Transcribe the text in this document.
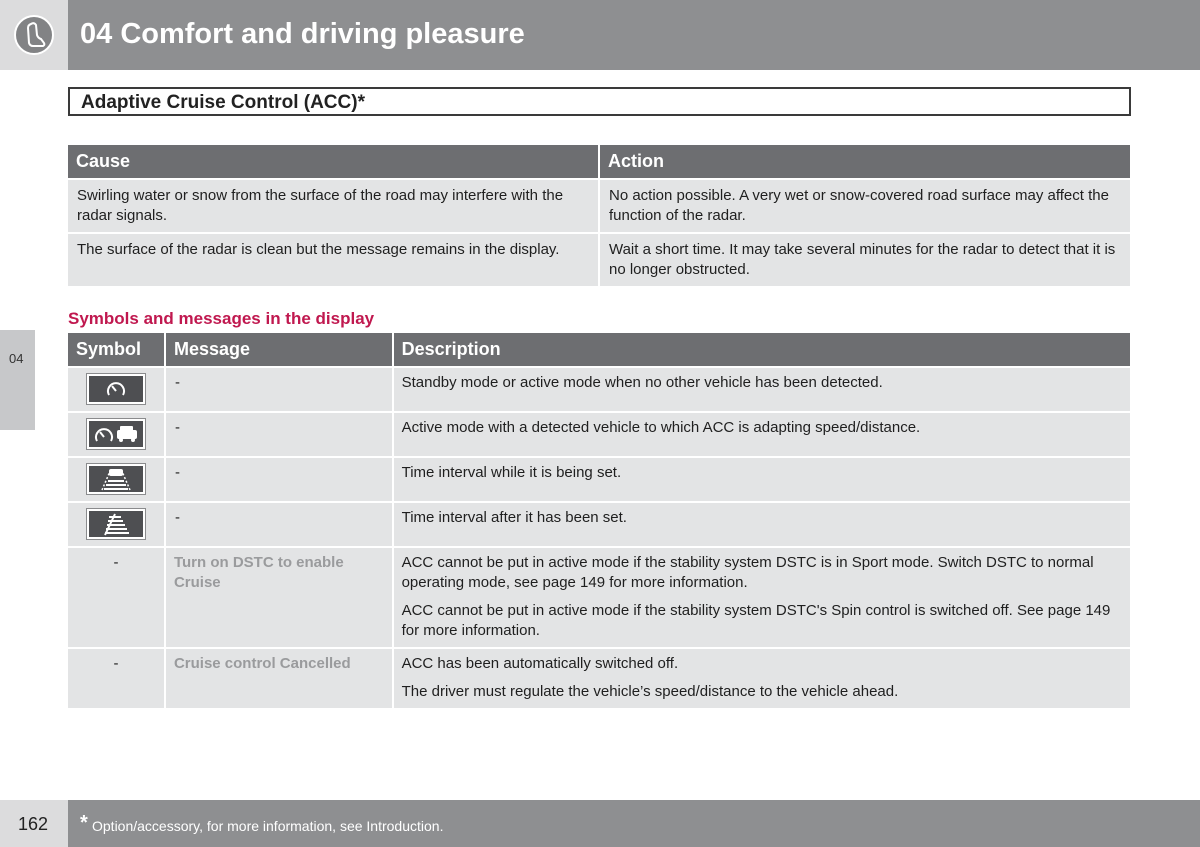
04 Comfort and driving pleasure
04
Adaptive Cruise Control (ACC)*
Cause	Action
Swirling water or snow from the surface of the road may interfere with the radar signals.	No action possible. A very wet or snow-covered road surface may affect the function of the radar.
The surface of the radar is clean but the message remains in the display.	Wait a short time. It may take several minutes for the radar to detect that it is no longer obstructed.
Symbols and messages in the display
Symbol	Message	Description

	-	Standby mode or active mode when no other vehicle has been detected.

	-	Active mode with a detected vehicle to which ACC is adapting speed/distance.

	-	Time interval while it is being set.

	-	Time interval after it has been set.

-	Turn on DSTC to enable Cruise	ACC cannot be put in active mode if the stability system DSTC is in Sport mode. Switch DSTC to normal operating mode, see page 149 for more information.
ACC cannot be put in active mode if the stability system DSTC's Spin control is switched off. See page 149 for more information.

-	Cruise control Cancelled	ACC has been automatically switched off.
The driver must regulate the vehicle’s speed/distance to the vehicle ahead.
162 * Option/accessory, for more information, see Introduction.
